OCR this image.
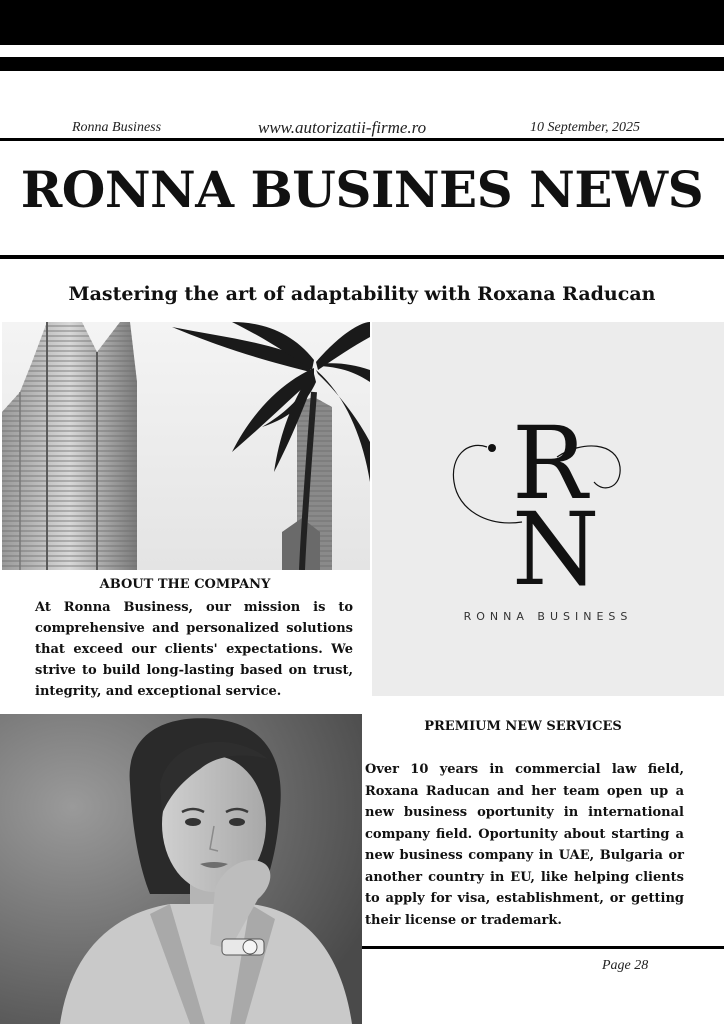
Ronna Business	www.autorizatii-firme.ro	10 September, 2025
RONNA BUSINES NEWS
Mastering the art of adaptability with Roxana Raducan
R
N
RONNA BUSINESS
ABOUT THE COMPANY

At Ronna Business, our mission is to comprehensive and personalized solutions that exceed our clients' expectations. We strive to build long-lasting based on trust, integrity, and exceptional service.

PREMIUM NEW SERVICES

Over 10 years in commercial law field, Roxana Raducan and her team open up a new business oportunity in international company field. Oportunity about starting a new business company in UAE, Bulgaria or another country in EU, like helping clients to apply for visa, establishment, or getting their license or trademark.

Page 28
